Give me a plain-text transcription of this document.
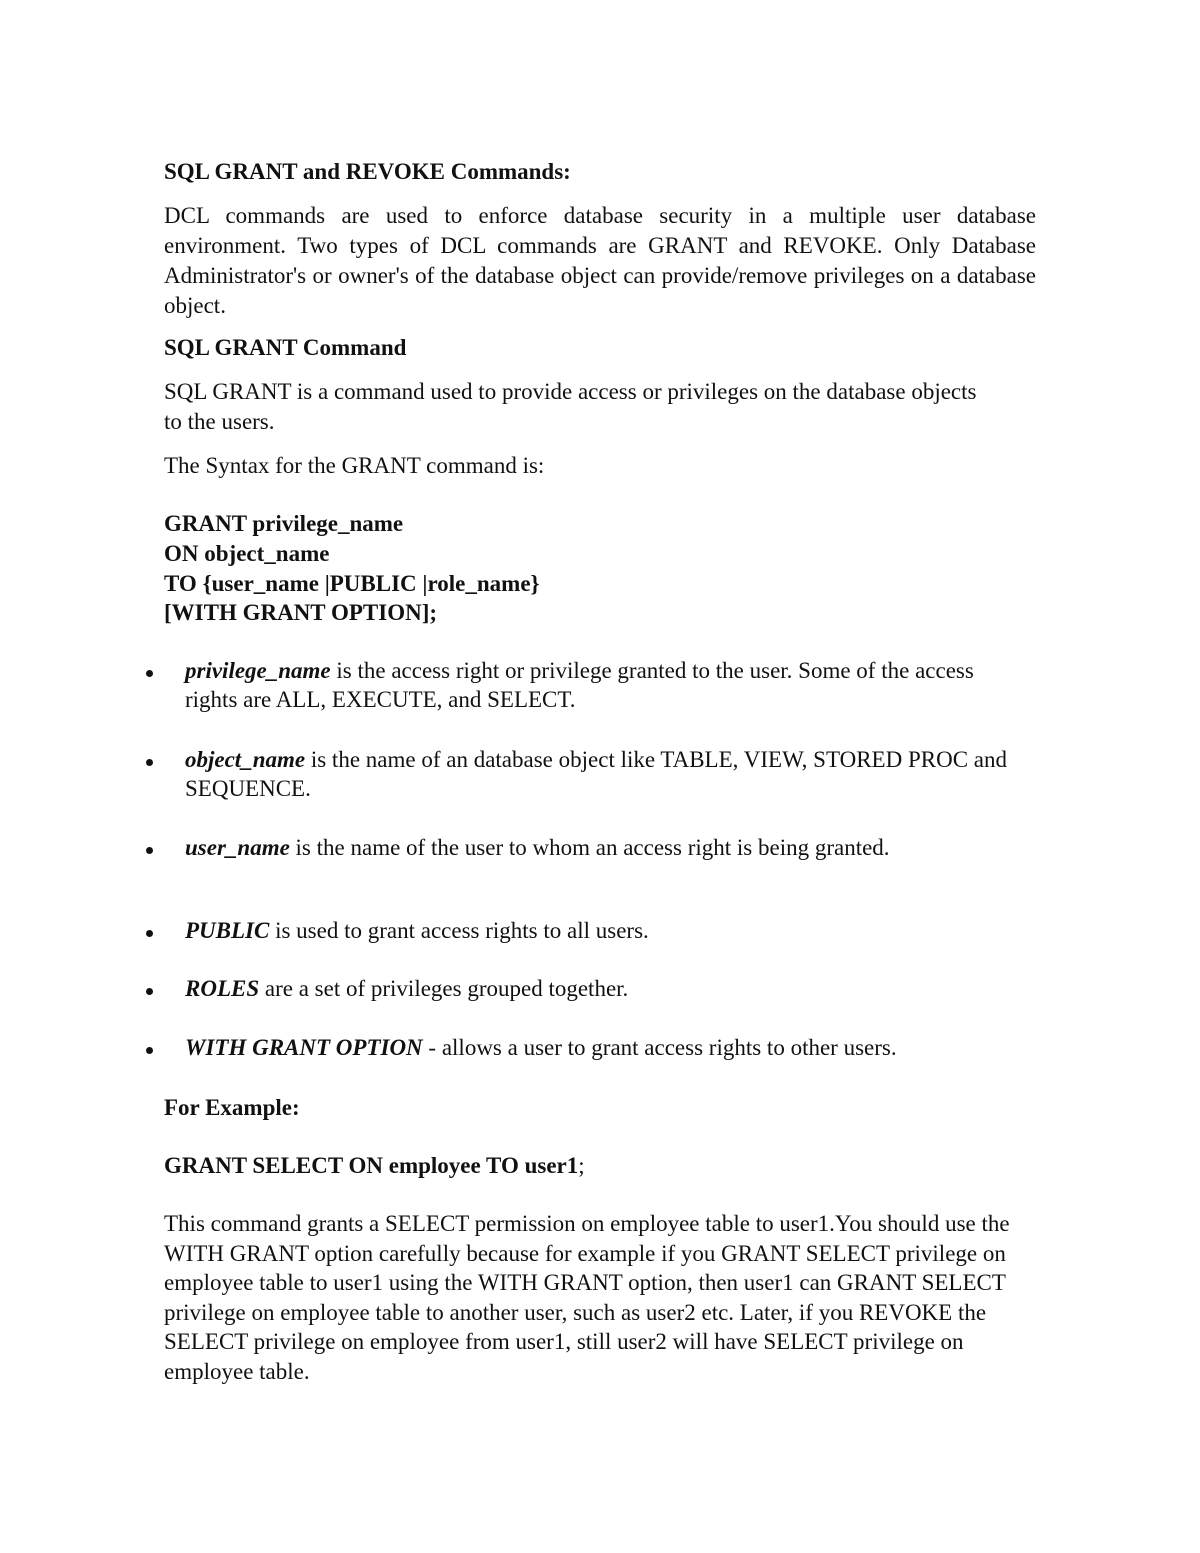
SQL GRANT and REVOKE Commands:

DCL commands are used to enforce database security in a multiple user database environment. Two types of DCL commands are GRANT and REVOKE. Only Database Administrator's or owner's of the database object can provide/remove privileges on a database object.

SQL GRANT Command

SQL GRANT is a command used to provide access or privileges on the database objects to the users.

The Syntax for the GRANT command is:

GRANT privilege_name
ON object_name
TO {user_name |PUBLIC |role_name}
[WITH GRANT OPTION];
privilege_name is the access right or privilege granted to the user. Some of the access rights are ALL, EXECUTE, and SELECT.
object_name is the name of an database object like TABLE, VIEW, STORED PROC and SEQUENCE.
user_name is the name of the user to whom an access right is being granted.
PUBLIC is used to grant access rights to all users.
ROLES are a set of privileges grouped together.
WITH GRANT OPTION - allows a user to grant access rights to other users.

For Example:

GRANT SELECT ON employee TO user1;

This command grants a SELECT permission on employee table to user1.You should use the WITH GRANT option carefully because for example if you GRANT SELECT privilege on employee table to user1 using the WITH GRANT option, then user1 can GRANT SELECT privilege on employee table to another user, such as user2 etc. Later, if you REVOKE the SELECT privilege on employee from user1, still user2 will have SELECT privilege on employee table.
